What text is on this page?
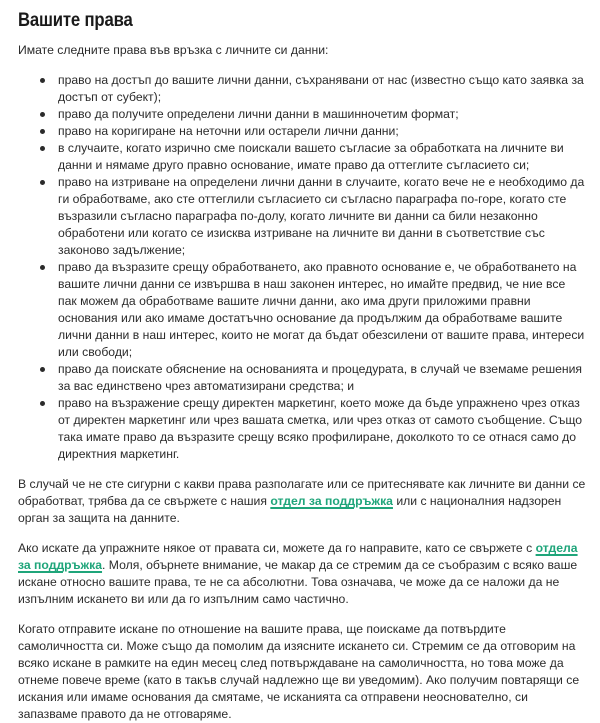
Вашите права

Имате следните права във връзка с личните си данни:

право на достъп до вашите лични данни, съхранявани от нас (известно също като заявка за достъп от субект);
право да получите определени лични данни в машинночетим формат;
право на коригиране на неточни или остарели лични данни;
в случаите, когато изрично сме поискали вашето съгласие за обработката на личните ви данни и нямаме друго правно основание, имате право да оттеглите съгласието си;
право на изтриване на определени лични данни в случаите, когато вече не е необходимо да ги обработваме, ако сте оттеглили съгласието си съгласно параграфа по-горе, когато сте възразили съгласно параграфа по-долу, когато личните ви данни са били незаконно обработени или когато се изисква изтриване на личните ви данни в съответствие със законово задължение;
право да възразите срещу обработването, ако правното основание е, че обработването на вашите лични данни се извършва в наш законен интерес, но имайте предвид, че ние все пак можем да обработваме вашите лични данни, ако има други приложими правни основания или ако имаме достатъчно основание да продължим да обработваме вашите лични данни в наш интерес, които не могат да бъдат обезсилени от вашите права, интереси или свободи;
право да поискате обяснение на основанията и процедурата, в случай че вземаме решения за вас единствено чрез автоматизирани средства; и
право на възражение срещу директен маркетинг, което може да бъде упражнено чрез отказ от директен маркетинг или чрез вашата сметка, или чрез отказ от самото съобщение. Също така имате право да възразите срещу всяко профилиране, доколкото то се отнася само до директния маркетинг.

В случай че не сте сигурни с какви права разполагате или се притеснявате как личните ви данни се обработват, трябва да се свържете с нашия отдел за поддръжка или с националния надзорен орган за защита на данните.

Ако искате да упражните някое от правата си, можете да го направите, като се свържете с отдела за поддръжка. Моля, обърнете внимание, че макар да се стремим да се съобразим с всяко ваше искане относно вашите права, те не са абсолютни. Това означава, че може да се наложи да не изпълним искането ви или да го изпълним само частично.

Когато отправите искане по отношение на вашите права, ще поискаме да потвърдите самоличността си. Може също да помолим да изясните искането си. Стремим се да отговорим на всяко искане в рамките на един месец след потвърждаване на самоличността, но това може да отнеме повече време (като в такъв случай надлежно ще ви уведомим). Ако получим повтарящи се искания или имаме основания да смятаме, че исканията са отправени неоснователно, си запазваме правото да не отговаряме.
